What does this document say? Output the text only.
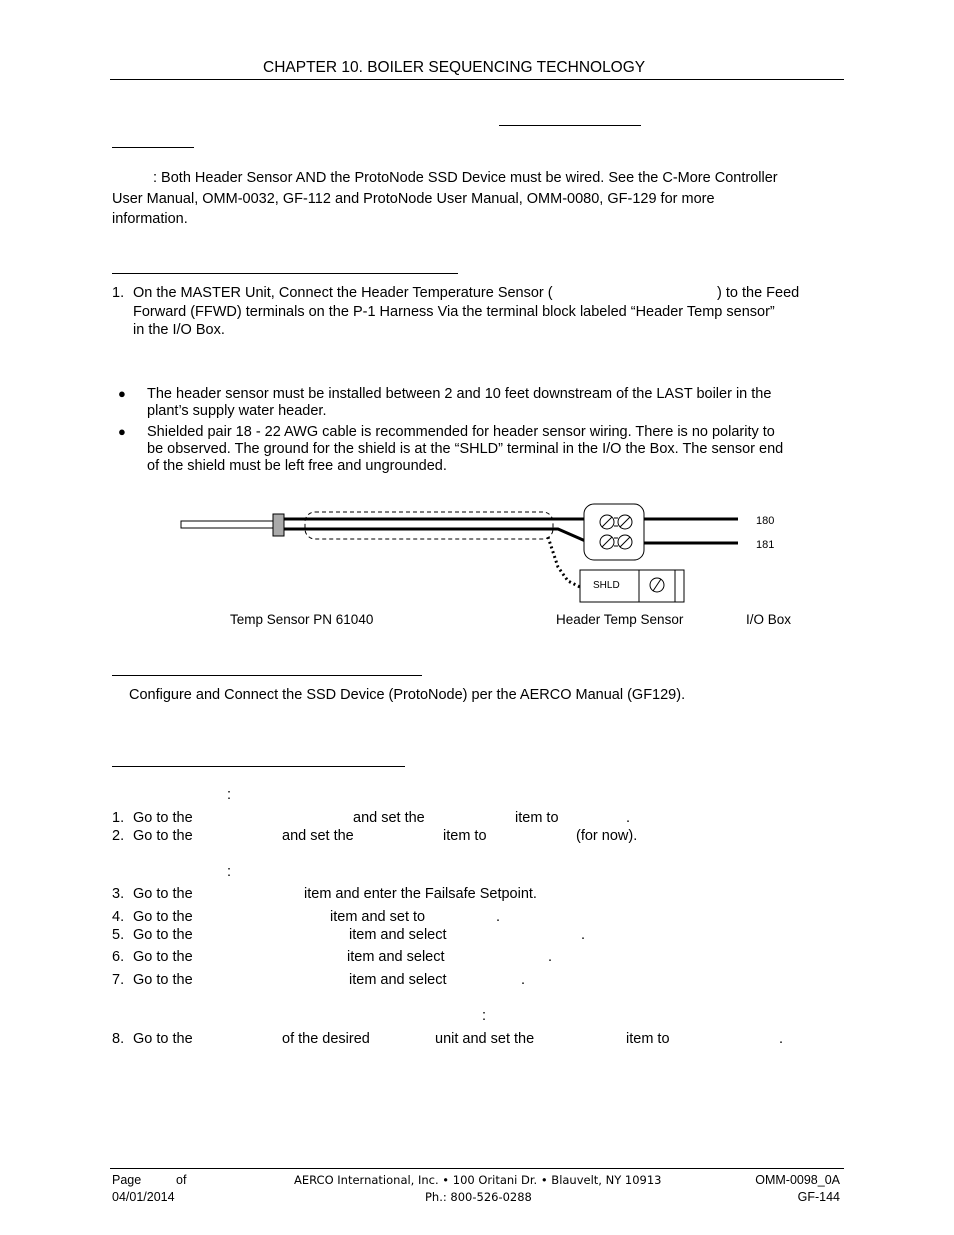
CHAPTER 10. BOILER SEQUENCING TECHNOLOGY
: Both Header Sensor AND the ProtoNode SSD Device must be wired. See the C-More Controller
User Manual, OMM-0032, GF-112 and ProtoNode User Manual, OMM-0080, GF-129 for more
information.
1. On the MASTER Unit, Connect the Header Temperature Sensor (	) to the Feed
Forward (FFWD) terminals on the P-1 Harness Via the terminal block labeled “Header Temp sensor”
in the I/O Box.
● The header sensor must be installed between 2 and 10 feet downstream of the LAST boiler in the
plant’s supply water header.
● Shielded pair 18 - 22 AWG cable is recommended for header sensor wiring. There is no polarity to
be observed. The ground for the shield is at the “SHLD” terminal in the I/O the Box. The sensor end
of the shield must be left free and ungrounded.
180
181
SHLD
Temp Sensor PN 61040	Header Temp Sensor	I/O Box
Configure and Connect the SSD Device (ProtoNode) per the AERCO Manual (GF129).
:
1. Go to the	and set the	item to	.
2. Go to the	and set the	item to	(for now).
:
3. Go to the	item and enter the Failsafe Setpoint.
4. Go to the	item and set to	.
5. Go to the	item and select	.
6. Go to the	item and select	.
7. Go to the	item and select	.
:
8. Go to the	of the desired	unit and set the	item to	.
Page	of
04/01/2014
AERCO International, Inc. • 100 Oritani Dr. • Blauvelt, NY 10913
Ph.: 800-526-0288
OMM-0098_0A
GF-144
